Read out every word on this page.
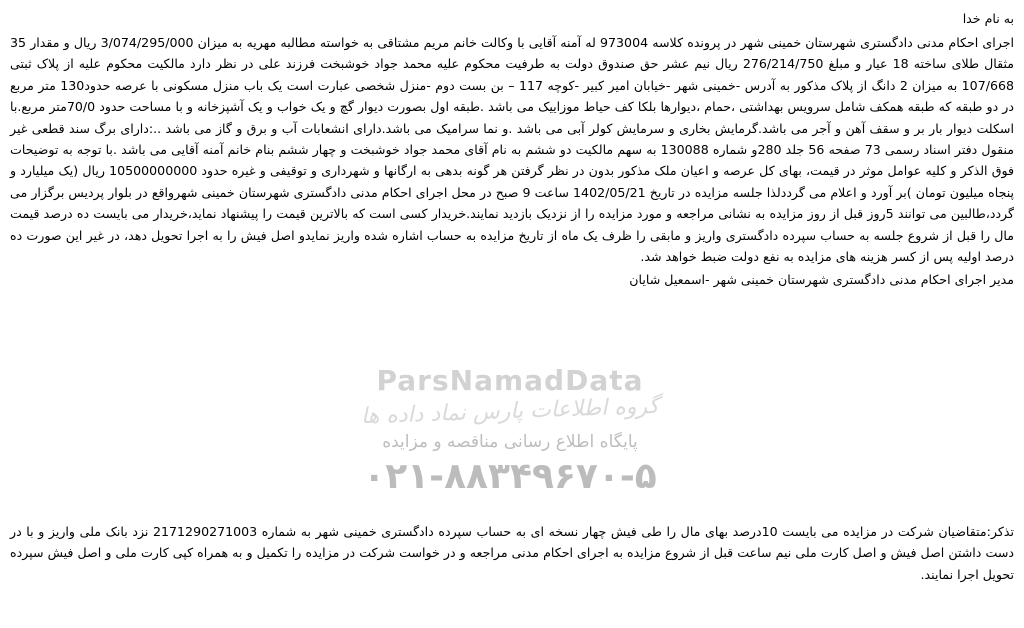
به نام خدا
اجرای احکام مدنی دادگستری شهرستان خمینی شهر در پرونده کلاسه 973004 له آمنه آقایی با وکالت خانم مریم مشتاقی به خواسته مطالبه مهریه به میزان 3/074/295/000 ریال و مقدار 35 مثقال طلای ساخته 18 عیار و مبلغ 276/214/750 ریال نیم عشر حق صندوق دولت به طرفیت محکوم علیه محمد جواد خوشبخت فرزند علی در نظر دارد مالکیت محکوم علیه از پلاک ثبتی 107/668 به میزان 2 دانگ از پلاک مذکور به آدرس -خمینی شهر -خیابان امیر کبیر -کوچه 117 – بن بست دوم -منزل شخصی عبارت است یک باب منزل مسکونی با عرصه حدود130 متر مربع در دو طبقه که طبقه همکف شامل سرویس بهداشتی ،حمام ،دیوارها بلکا کف حیاط موزاییک می باشد .طبقه اول بصورت دیوار گچ و یک خواب و یک آشپزخانه و با مساحت حدود 70/0متر مربع.با اسکلت دیوار بار بر و سقف آهن و آجر می باشد.گرمایش بخاری و سرمایش کولر آبی می باشد .و نما سرامیک می باشد.دارای انشعابات آب و برق و گاز می باشد ..:دارای برگ سند قطعی غیر منقول دفتر اسناد رسمی 73 صفحه 56 جلد 280و شماره 130088 به سهم مالکیت دو ششم به نام آقای محمد جواد خوشبخت و چهار ششم بنام خانم آمنه آقایی می باشد .با توجه به توضیحات فوق الذکر و کلیه عوامل موثر در قیمت، بهای کل عرصه و اعیان ملک مذکور بدون در نظر گرفتن هر گونه بدهی به ارگانها و شهرداری و توقیفی و غیره حدود 10500000000 ریال (یک میلیارد و پنجاه میلیون تومان )بر آورد و اعلام می گرددلذا جلسه مزایده در تاریخ 1402/05/21 ساعت 9 صبح در محل اجرای احکام مدنی دادگستری شهرستان خمینی شهرواقع در بلوار پردیس برگزار می گردد،طالبین می توانند 5روز قبل از روز مزایده به نشانی مراجعه و مورد مزایده را از نزدیک بازدید نمایند.خریدار کسی است که بالاترین قیمت را پیشنهاد نماید،خریدار می بایست ده درصد قیمت مال را قبل از شروع جلسه به حساب سپرده دادگستری واریز و مابقی را ظرف یک ماه از تاریخ مزایده به حساب اشاره شده واریز نمایدو اصل فیش را به اجرا تحویل دهد، در غیر این صورت ده درصد اولیه پس از کسر هزینه های مزایده به نفع دولت ضبط خواهد شد.
مدیر اجرای احکام مدنی دادگستری شهرستان خمینی شهر -اسمعیل شایان
ParsNamadData
گروه اطلاعات پارس نماد داده ها
پایگاه اطلاع رسانی مناقصه و مزایده
۰۲۱-۸۸۳۴۹۶۷۰-۵
تذکر:متقاضیان شرکت در مزایده می بایست 10درصد بهای مال را طی فیش چهار نسخه ای به حساب سپرده دادگستری خمینی شهر به شماره 2171290271003 نزد بانک ملی واریز و با در دست داشتن اصل فیش و اصل کارت ملی نیم ساعت قبل از شروع مزایده به اجرای احکام مدنی مراجعه و در خواست شرکت در مزایده را تکمیل و به همراه کپی کارت ملی و اصل فیش سپرده تحویل اجرا نمایند.
